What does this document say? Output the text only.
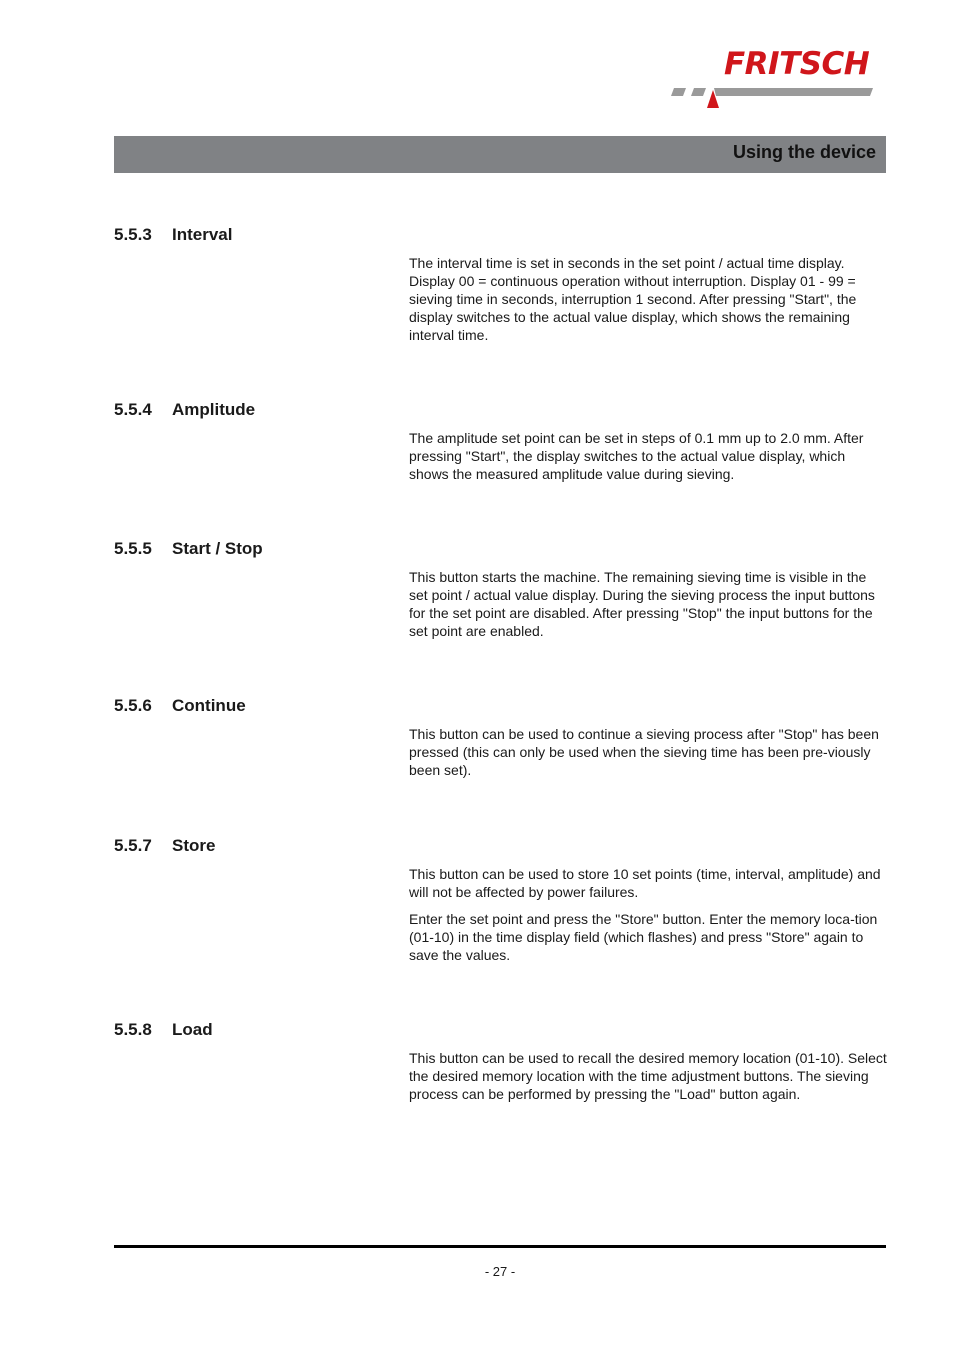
FRITSCH
Using the device
5.5.3 Interval
The interval time is set in seconds in the set point / actual time display. Display 00 = continuous operation without interruption. Display 01 - 99 = sieving time in seconds, interruption 1 second. After pressing "Start", the display switches to the actual value display, which shows the remaining interval time.
5.5.4 Amplitude
The amplitude set point can be set in steps of 0.1 mm up to 2.0 mm. After pressing "Start", the display switches to the actual value display, which shows the measured amplitude value during sieving.
5.5.5 Start / Stop
This button starts the machine. The remaining sieving time is visible in the set point / actual value display. During the sieving process the input buttons for the set point are disabled. After pressing "Stop" the input buttons for the set point are enabled.
5.5.6 Continue
This button can be used to continue a sieving process after "Stop" has been pressed (this can only be used when the sieving time has been pre-viously been set).
5.5.7 Store
This button can be used to store 10 set points (time, interval, amplitude) and will not be affected by power failures.
Enter the set point and press the "Store" button. Enter the memory loca-tion (01-10) in the time display field (which flashes) and press "Store" again to save the values.
5.5.8 Load
This button can be used to recall the desired memory location (01-10). Select the desired memory location with the time adjustment buttons. The sieving process can be performed by pressing the "Load" button again.
- 27 -
